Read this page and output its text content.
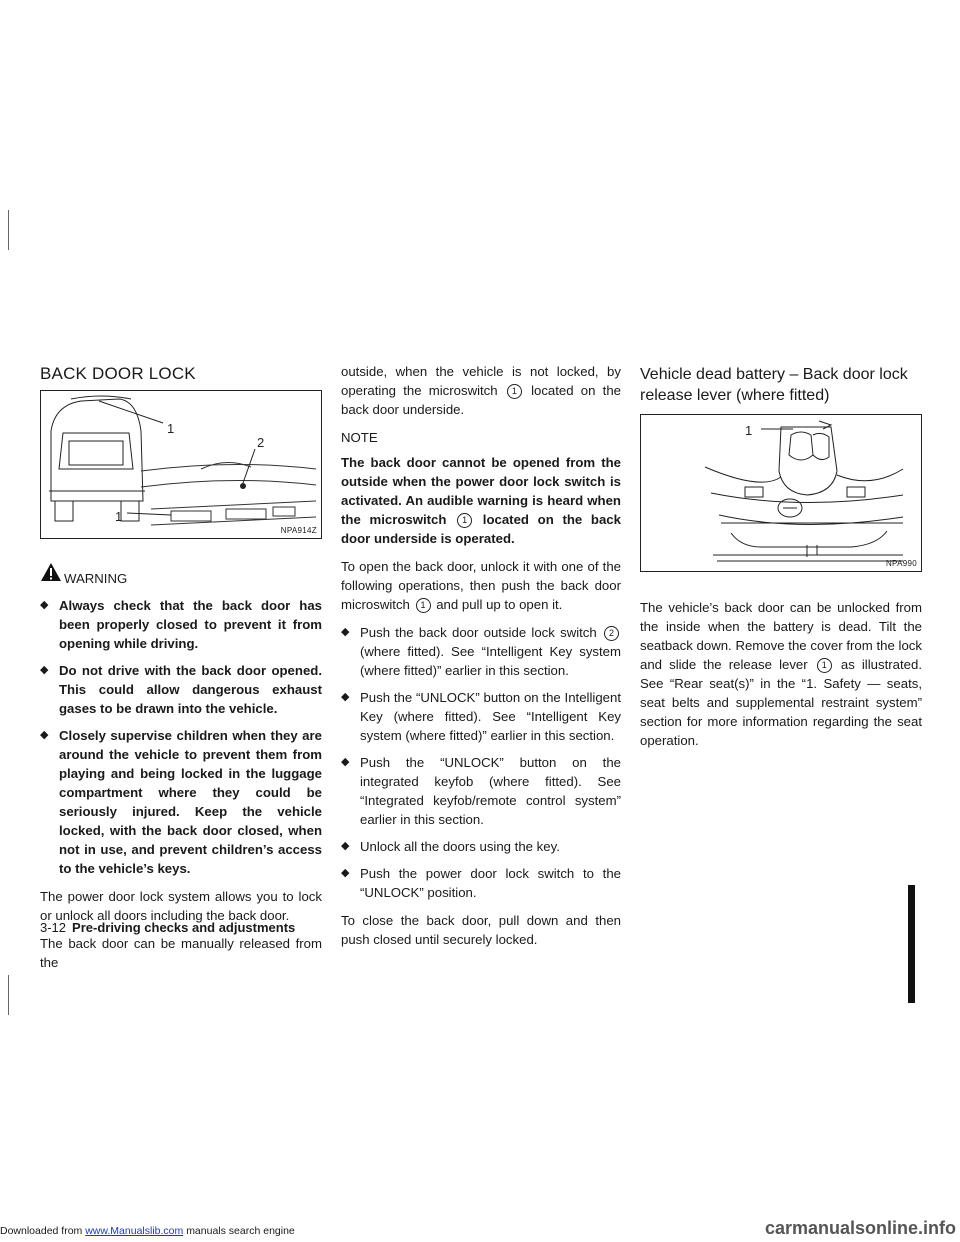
BACK DOOR LOCK
1
2
1
NPA914Z
WARNING
◆ Always check that the back door has been properly closed to prevent it from opening while driving.
◆ Do not drive with the back door opened. This could allow dangerous exhaust gases to be drawn into the vehicle.
◆ Closely supervise children when they are around the vehicle to prevent them from playing and being locked in the luggage compartment where they could be seriously injured. Keep the vehicle locked, with the back door closed, when not in use, and prevent children’s access to the vehicle’s keys.

The power door lock system allows you to lock or unlock all doors including the back door.

The back door can be manually released from the

outside, when the vehicle is not locked, by operating the microswitch 1 located on the back door underside.

NOTE

The back door cannot be opened from the outside when the power door lock switch is activated. An audible warning is heard when the microswitch 1 located on the back door underside is operated.

To open the back door, unlock it with one of the following operations, then push the back door microswitch 1 and pull up to open it.

◆ Push the back door outside lock switch 2 (where fitted). See “Intelligent Key system (where fitted)” earlier in this section.
◆ Push the “UNLOCK” button on the Intelligent Key (where fitted). See “Intelligent Key system (where fitted)” earlier in this section.
◆ Push the “UNLOCK” button on the integrated keyfob (where fitted). See “Integrated keyfob/remote control system” earlier in this section.
◆ Unlock all the doors using the key.
◆ Push the power door lock switch to the “UNLOCK” position.

To close the back door, pull down and then push closed until securely locked.

Vehicle dead battery – Back door lock release lever (where fitted)
1
NPA990

The vehicle’s back door can be unlocked from the inside when the battery is dead. Tilt the seatback down. Remove the cover from the lock and slide the release lever 1 as illustrated. See “Rear seat(s)” in the “1. Safety — seats, seat belts and supplemental restraint system” section for more information regarding the seat operation.

3-12 Pre-driving checks and adjustments
Downloaded from www.Manualslib.com manuals search engine	carmanualsonline.info
